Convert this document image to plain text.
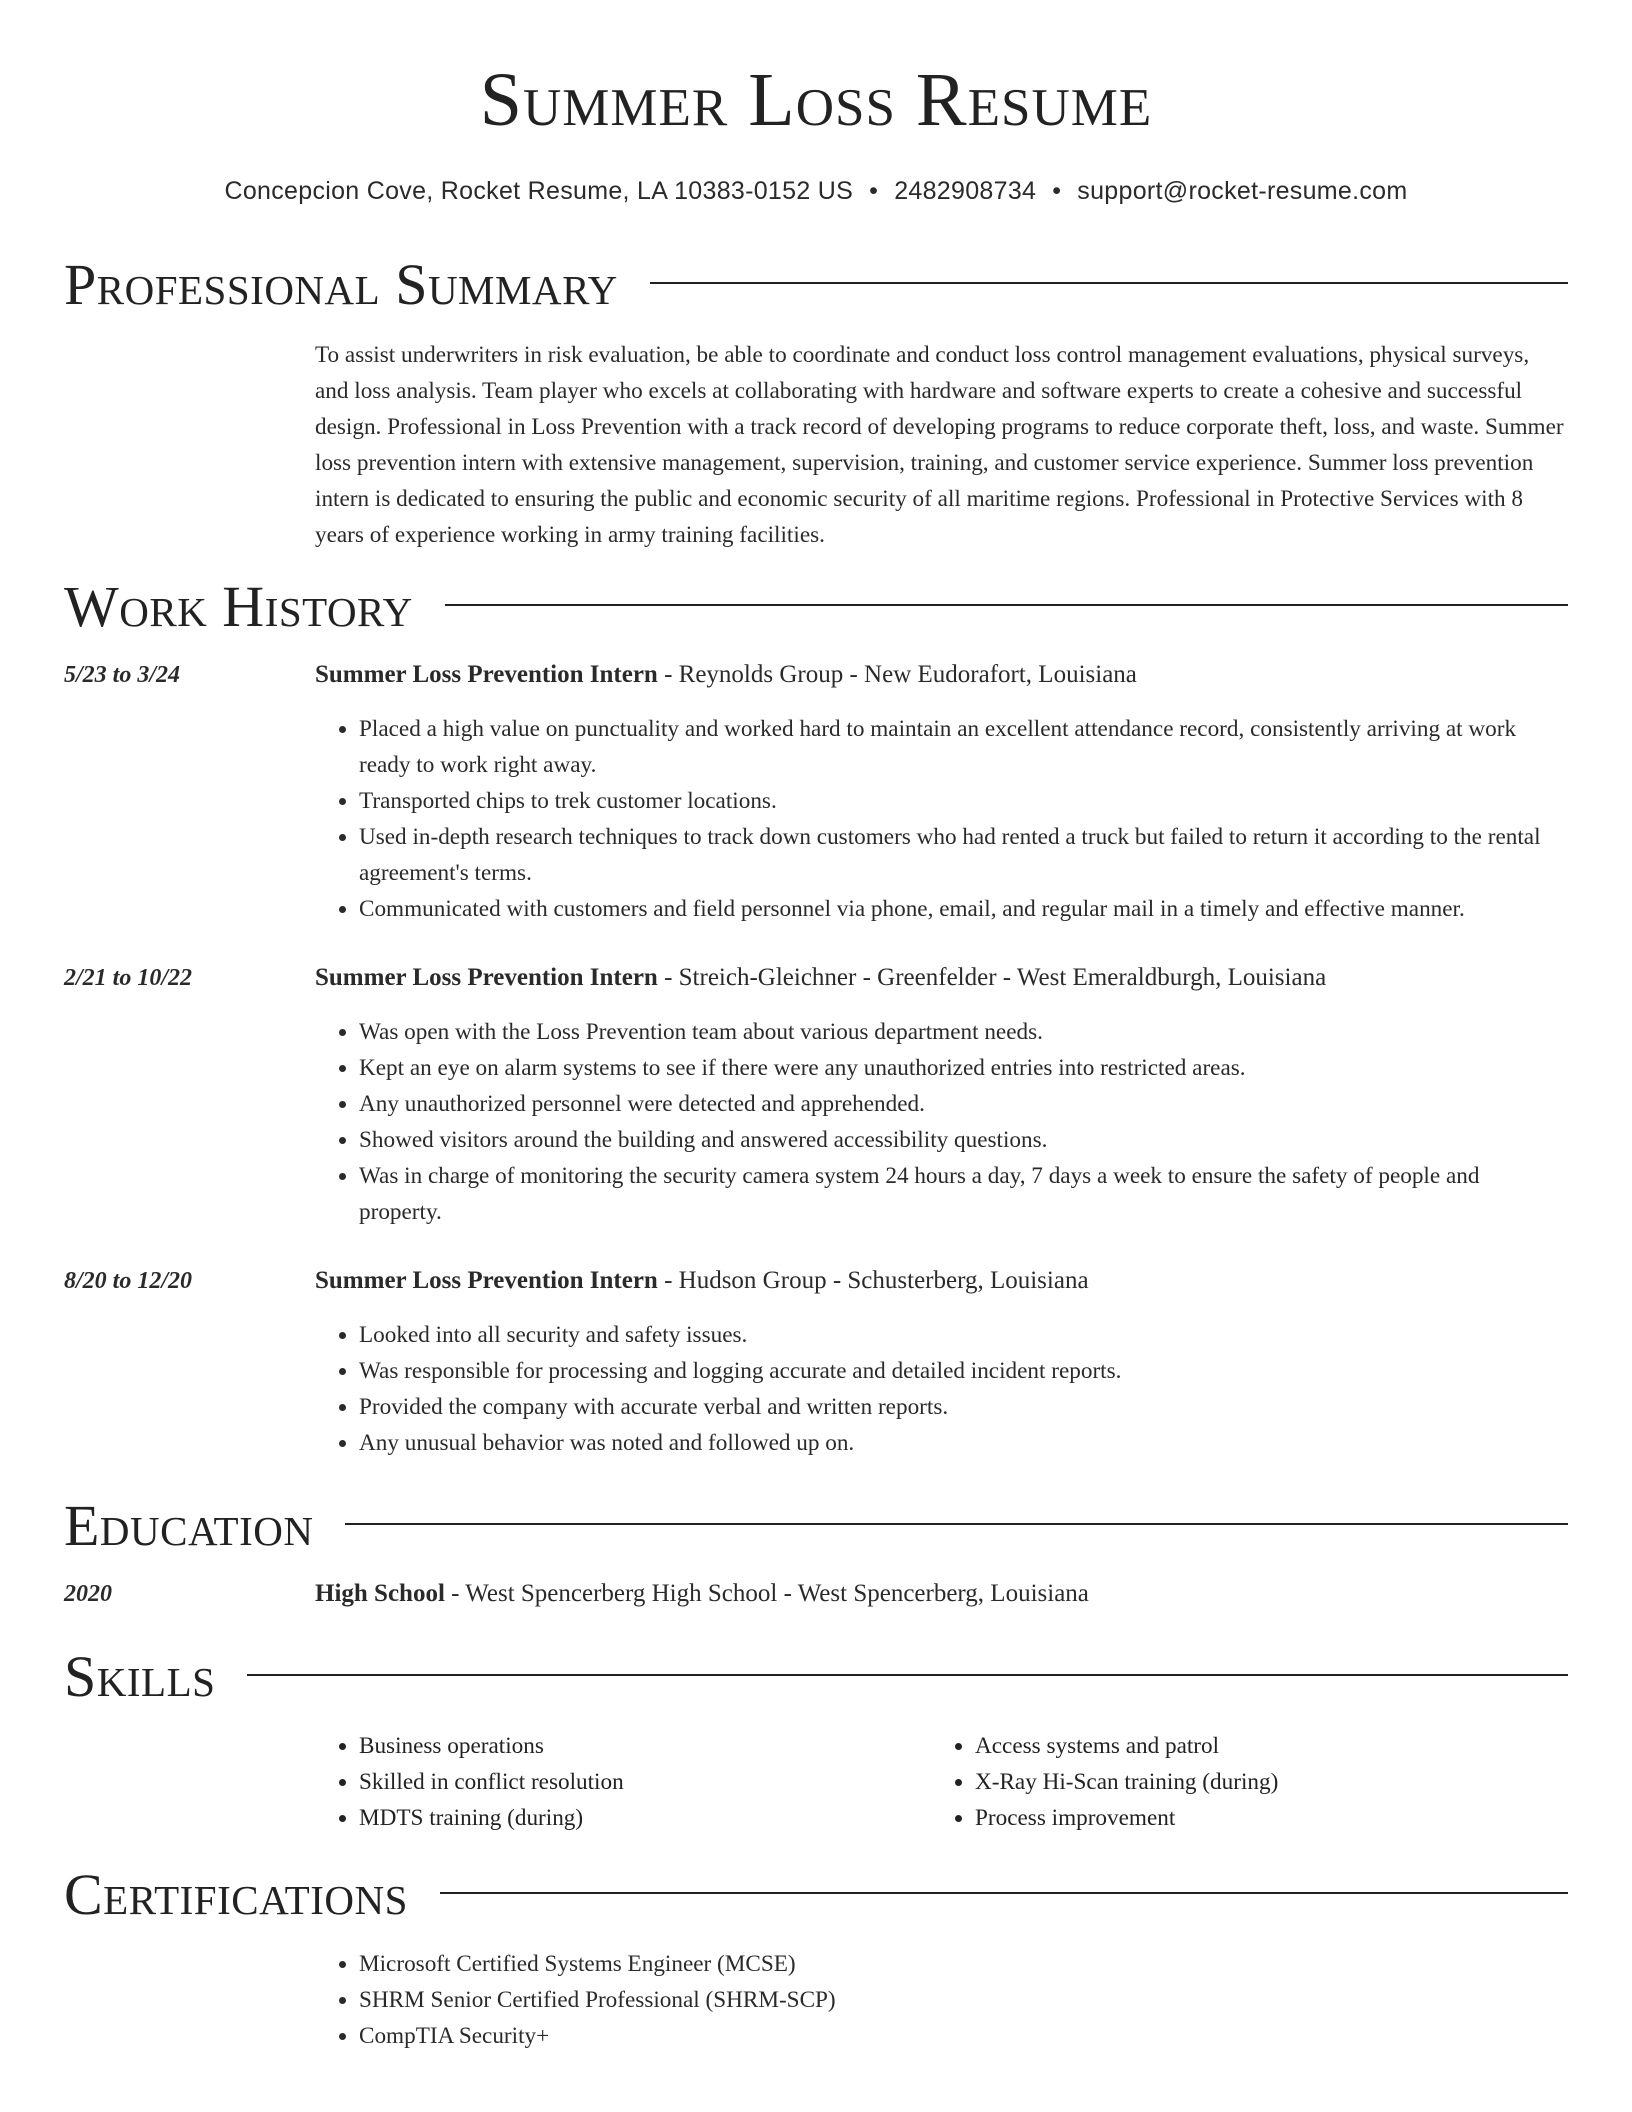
Summer Loss Resume
Concepcion Cove, Rocket Resume, LA 10383-0152 US • 2482908734 • support@rocket-resume.com
Professional Summary
To assist underwriters in risk evaluation, be able to coordinate and conduct loss control management evaluations, physical surveys, and loss analysis. Team player who excels at collaborating with hardware and software experts to create a cohesive and successful design. Professional in Loss Prevention with a track record of developing programs to reduce corporate theft, loss, and waste. Summer loss prevention intern with extensive management, supervision, training, and customer service experience. Summer loss prevention intern is dedicated to ensuring the public and economic security of all maritime regions. Professional in Protective Services with 8 years of experience working in army training facilities.
Work History
5/23 to 3/24	Summer Loss Prevention Intern - Reynolds Group - New Eudorafort, Louisiana
• Placed a high value on punctuality and worked hard to maintain an excellent attendance record, consistently arriving at work ready to work right away.
• Transported chips to trek customer locations.
• Used in-depth research techniques to track down customers who had rented a truck but failed to return it according to the rental agreement's terms.
• Communicated with customers and field personnel via phone, email, and regular mail in a timely and effective manner.
2/21 to 10/22	Summer Loss Prevention Intern - Streich-Gleichner - Greenfelder - West Emeraldburgh, Louisiana
• Was open with the Loss Prevention team about various department needs.
• Kept an eye on alarm systems to see if there were any unauthorized entries into restricted areas.
• Any unauthorized personnel were detected and apprehended.
• Showed visitors around the building and answered accessibility questions.
• Was in charge of monitoring the security camera system 24 hours a day, 7 days a week to ensure the safety of people and property.
8/20 to 12/20	Summer Loss Prevention Intern - Hudson Group - Schusterberg, Louisiana
• Looked into all security and safety issues.
• Was responsible for processing and logging accurate and detailed incident reports.
• Provided the company with accurate verbal and written reports.
• Any unusual behavior was noted and followed up on.
Education
2020	High School - West Spencerberg High School - West Spencerberg, Louisiana
Skills
• Business operations
• Skilled in conflict resolution
• MDTS training (during)
• Access systems and patrol
• X-Ray Hi-Scan training (during)
• Process improvement
Certifications
• Microsoft Certified Systems Engineer (MCSE)
• SHRM Senior Certified Professional (SHRM-SCP)
• CompTIA Security+
